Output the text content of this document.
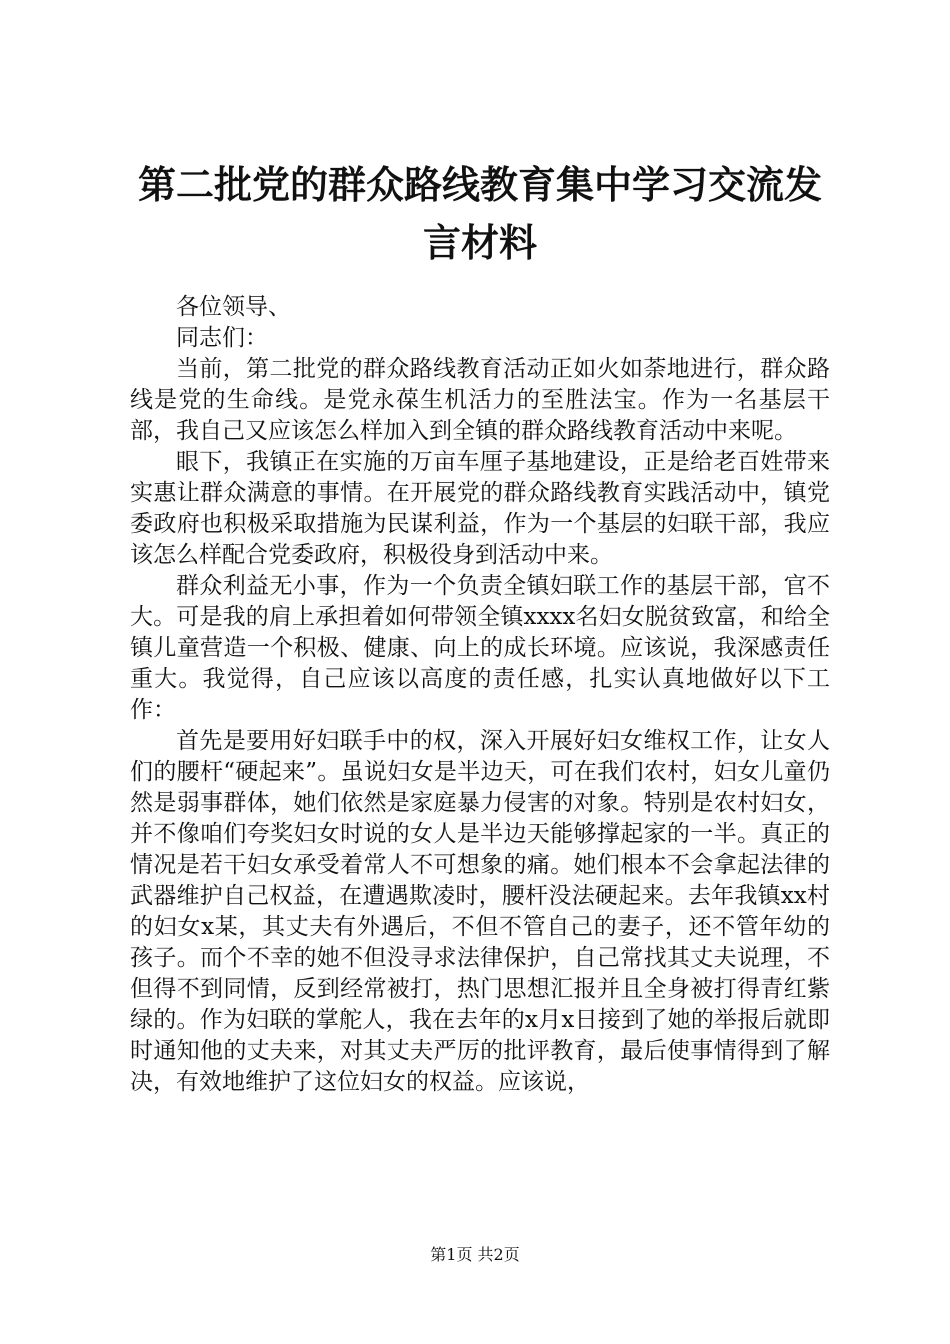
第二批党的群众路线教育集中学习交流发言材料

各位领导、

同志们：

当前，第二批党的群众路线教育活动正如火如荼地进行，群众路线是党的生命线。是党永葆生机活力的至胜法宝。作为一名基层干部，我自己又应该怎么样加入到全镇的群众路线教育活动中来呢。

眼下，我镇正在实施的万亩车厘子基地建设，正是给老百姓带来实惠让群众满意的事情。在开展党的群众路线教育实践活动中，镇党委政府也积极采取措施为民谋利益，作为一个基层的妇联干部，我应该怎么样配合党委政府，积极役身到活动中来。

群众利益无小事，作为一个负责全镇妇联工作的基层干部，官不大。可是我的肩上承担着如何带领全镇xxxx名妇女脱贫致富，和给全镇儿童营造一个积极、健康、向上的成长环境。应该说，我深感责任重大。我觉得，自己应该以高度的责任感，扎实认真地做好以下工作：

首先是要用好妇联手中的权，深入开展好妇女维权工作，让女人们的腰杆“硬起来”。虽说妇女是半边天，可在我们农村，妇女儿童仍然是弱事群体，她们依然是家庭暴力侵害的对象。特别是农村妇女，并不像咱们夸奖妇女时说的女人是半边天能够撑起家的一半。真正的情况是若干妇女承受着常人不可想象的痛。她们根本不会拿起法律的武器维护自己权益，在遭遇欺凌时，腰杆没法硬起来。去年我镇xx村的妇女x某，其丈夫有外遇后，不但不管自己的妻子，还不管年幼的孩子。而个不幸的她不但没寻求法律保护，自己常找其丈夫说理，不但得不到同情，反到经常被打，热门思想汇报并且全身被打得青红紫绿的。作为妇联的掌舵人，我在去年的x月x日接到了她的举报后就即时通知他的丈夫来，对其丈夫严厉的批评教育，最后使事情得到了解决，有效地维护了这位妇女的权益。应该说，

第1页 共2页
